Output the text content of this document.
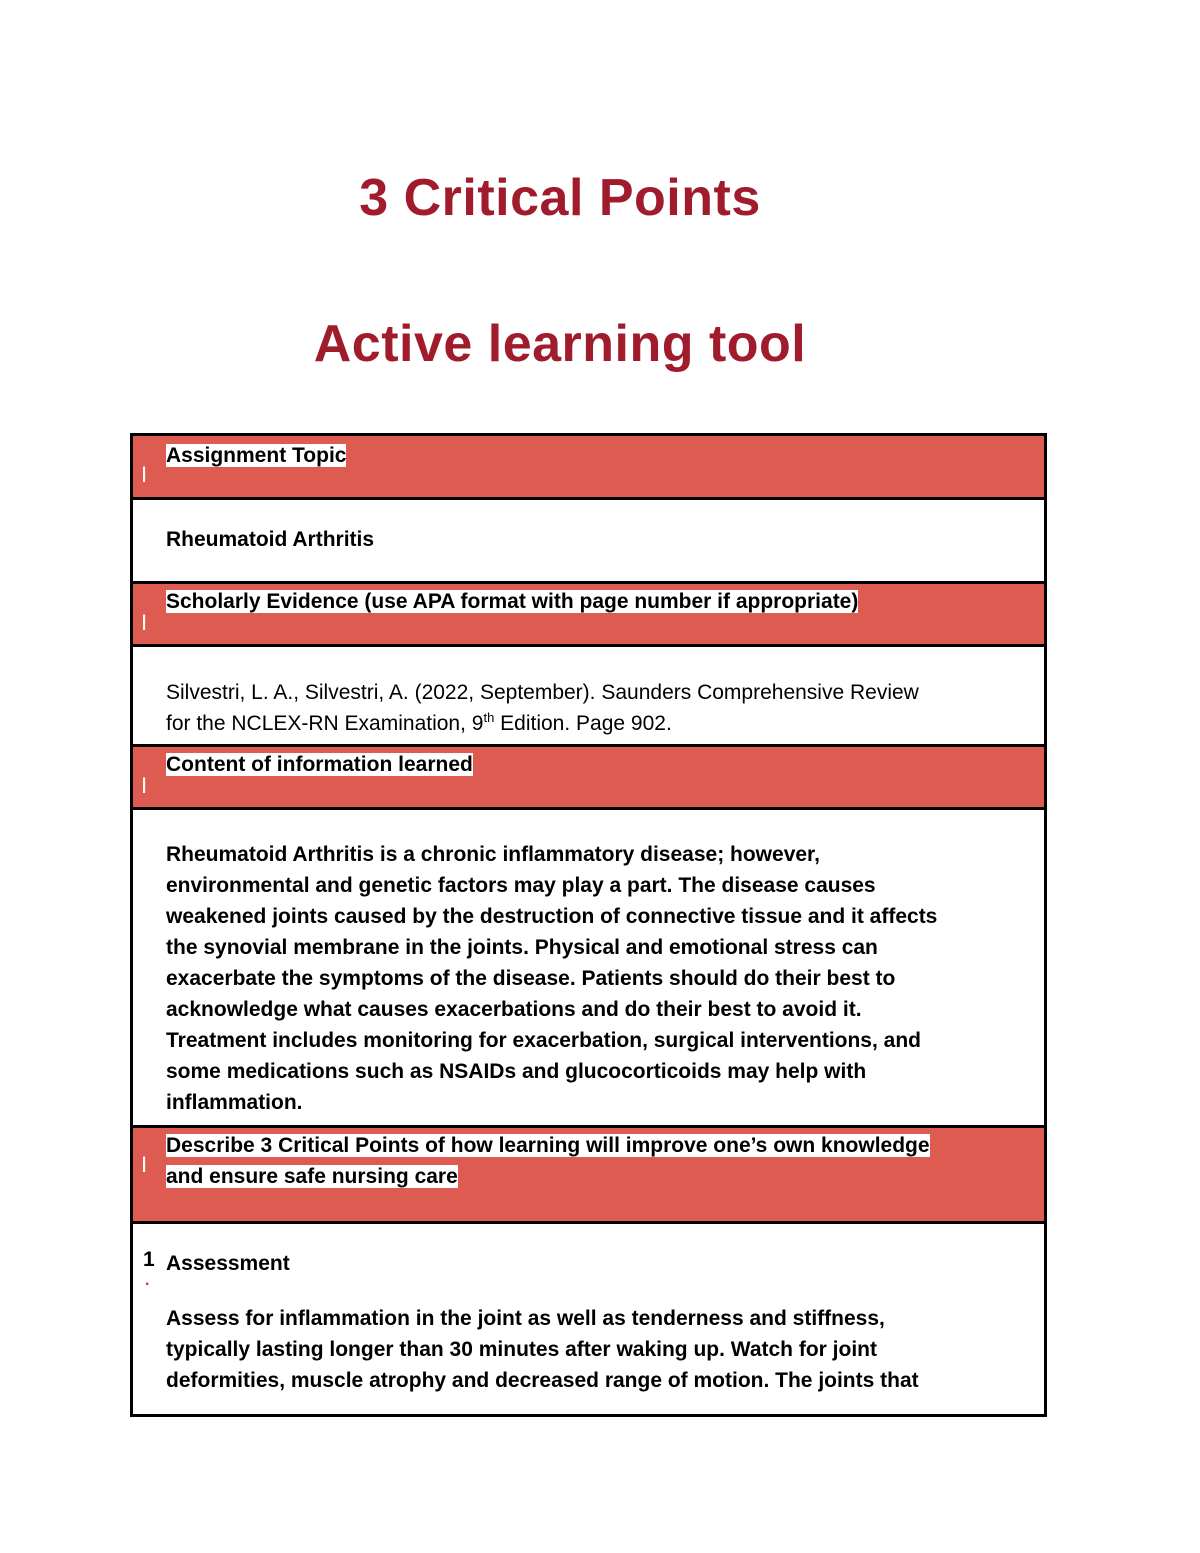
3 Critical Points
Active learning tool
I
Assignment Topic
Rheumatoid Arthritis
I
Scholarly Evidence (use APA format with page number if appropriate)
Silvestri, L. A., Silvestri, A. (2022, September). Saunders Comprehensive Review
for the NCLEX-RN Examination, 9th Edition. Page 902.
I
Content of information learned
Rheumatoid Arthritis is a chronic inflammatory disease; however,
environmental and genetic factors may play a part. The disease causes
weakened joints caused by the destruction of connective tissue and it affects
the synovial membrane in the joints. Physical and emotional stress can
exacerbate the symptoms of the disease. Patients should do their best to
acknowledge what causes exacerbations and do their best to avoid it.
Treatment includes monitoring for exacerbation, surgical interventions, and
some medications such as NSAIDs and glucocorticoids may help with
inflammation.
I
Describe 3 Critical Points of how learning will improve one’s own knowledge
and ensure safe nursing care
1
.
Assessment
Assess for inflammation in the joint as well as tenderness and stiffness,
typically lasting longer than 30 minutes after waking up. Watch for joint
deformities, muscle atrophy and decreased range of motion. The joints that
